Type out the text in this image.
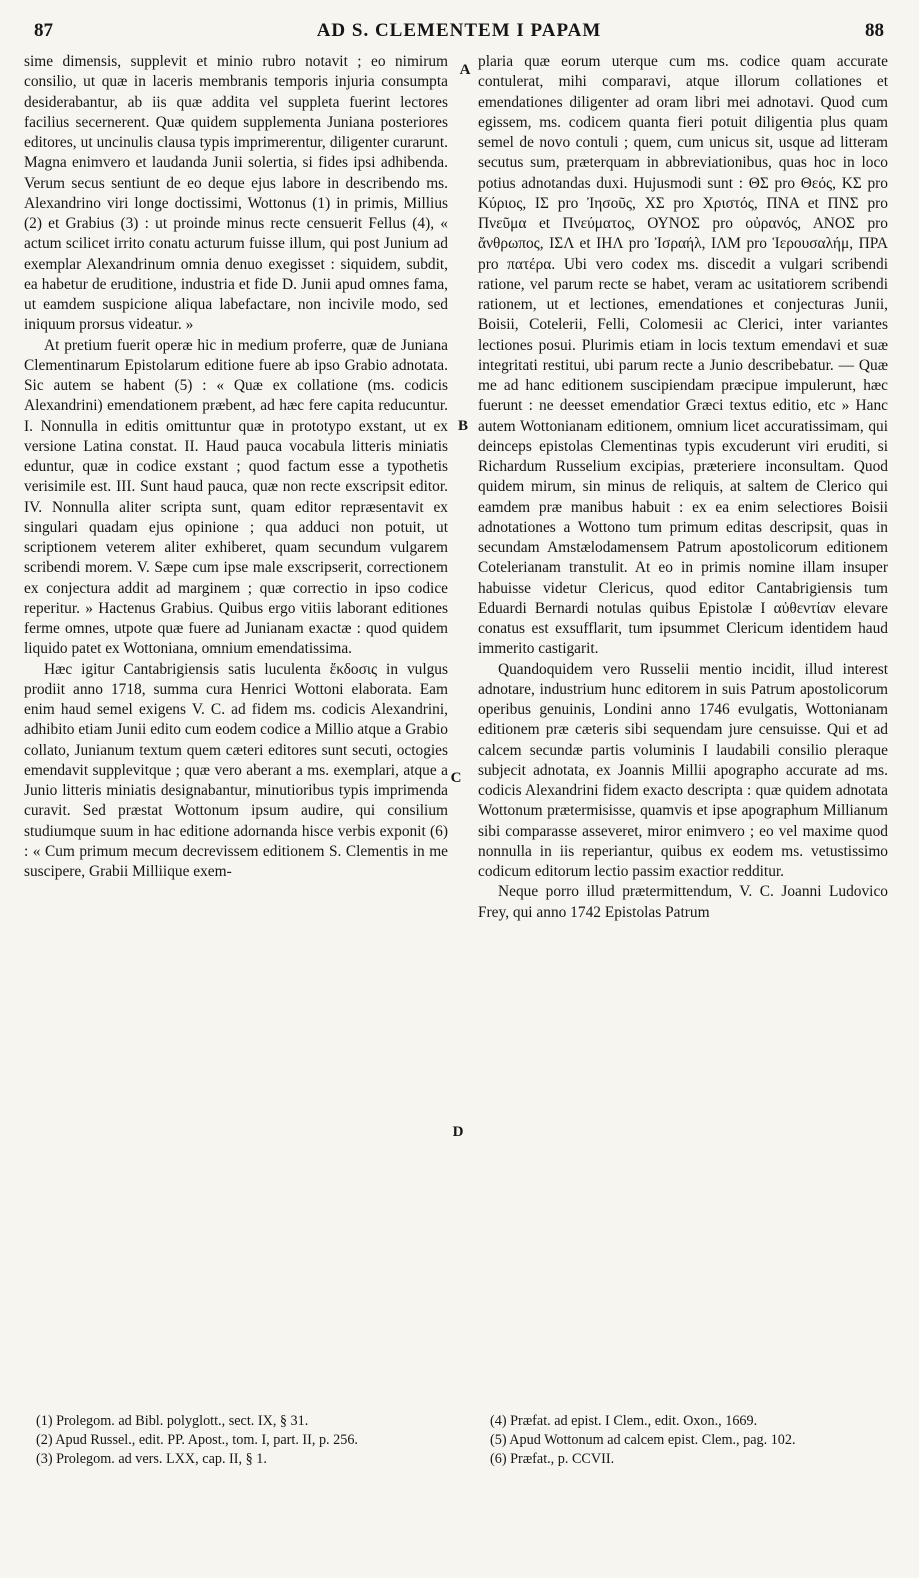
87	AD S. CLEMENTEM I PAPAM	88

sime dimensis, supplevit et minio rubro notavit ; eo nimirum consilio, ut quæ in laceris membranis temporis injuria consumpta desiderabantur, ab iis quæ addita vel suppleta fuerint lectores facilius secernerent. Quæ quidem supplementa Juniana posteriores editores, ut uncinulis clausa typis imprimerentur, diligenter curarunt. Magna enimvero et laudanda Junii solertia, si fides ipsi adhibenda. Verum secus sentiunt de eo deque ejus labore in describendo ms. Alexandrino viri longe doctissimi, Wottonus (1) in primis, Millius (2) et Grabius (3) : ut proinde minus recte censuerit Fellus (4), « actum scilicet irrito conatu acturum fuisse illum, qui post Junium ad exemplar Alexandrinum omnia denuo exegisset : siquidem, subdit, ea habetur de eruditione, industria et fide D. Junii apud omnes fama, ut eamdem suspicione aliqua labefactare, non incivile modo, sed iniquum prorsus videatur. »

At pretium fuerit operæ hic in medium proferre, quæ de Juniana Clementinarum Epistolarum editione fuere ab ipso Grabio adnotata. Sic autem se habent (5) : « Quæ ex collatione (ms. codicis Alexandrini) emendationem præbent, ad hæc fere capita reducuntur. I. Nonnulla in editis omittuntur quæ in prototypo exstant, ut ex versione Latina constat. II. Haud pauca vocabula litteris miniatis eduntur, quæ in codice exstant ; quod factum esse a typothetis verisimile est. III. Sunt haud pauca, quæ non recte exscripsit editor. IV. Nonnulla aliter scripta sunt, quam editor repræsentavit ex singulari quadam ejus opinione ; qua adduci non potuit, ut scriptionem veterem aliter exhiberet, quam secundum vulgarem scribendi morem. V. Sæpe cum ipse male exscripserit, correctionem ex conjectura addit ad marginem ; quæ correctio in ipso codice reperitur. » Hactenus Grabius. Quibus ergo vitiis laborant editiones ferme omnes, utpote quæ fuere ad Junianam exactæ : quod quidem liquido patet ex Wottoniana, omnium emendatissima.

Hæc igitur Cantabrigiensis satis luculenta ἔκδοσις in vulgus prodiit anno 1718, summa cura Henrici Wottoni elaborata. Eam enim haud semel exigens V. C. ad fidem ms. codicis Alexandrini, adhibito etiam Junii edito cum eodem codice a Millio atque a Grabio collato, Junianum textum quem cæteri editores sunt secuti, octogies emendavit supplevitque ; quæ vero aberant a ms. exemplari, atque a Junio litteris miniatis designabantur, minutioribus typis imprimenda curavit. Sed præstat Wottonum ipsum audire, qui consilium studiumque suum in hac editione adornanda hisce verbis exponit (6) : « Cum primum mecum decrevissem editionem S. Clementis in me suscipere, Grabii Milliique exem-

plaria quæ eorum uterque cum ms. codice quam accurate contulerat, mihi comparavi, atque illorum collationes et emendationes diligenter ad oram libri mei adnotavi. Quod cum egissem, ms. codicem quanta fieri potuit diligentia plus quam semel de novo contuli ; quem, cum unicus sit, usque ad litteram secutus sum, præterquam in abbreviationibus, quas hoc in loco potius adnotandas duxi. Hujusmodi sunt : ΘΣ pro Θεός, ΚΣ pro Κύριος, ΙΣ pro Ἰησοῦς, ΧΣ pro Χριστός, ΠΝΑ et ΠΝΣ pro Πνεῦμα et Πνεύματος, ΟΥΝΟΣ pro οὐρανός, ΑΝΟΣ pro ἄνθρωπος, ΙΣΛ et ΙΗΛ pro Ἰσραήλ, ΙΛΜ pro Ἱερουσαλήμ, ΠΡΑ pro πατέρα. Ubi vero codex ms. discedit a vulgari scribendi ratione, vel parum recte se habet, veram ac usitatiorem scribendi rationem, ut et lectiones, emendationes et conjecturas Junii, Boisii, Cotelerii, Felli, Colomesii ac Clerici, inter variantes lectiones posui. Plurimis etiam in locis textum emendavi et suæ integritati restitui, ubi parum recte a Junio describebatur. — Quæ me ad hanc editionem suscipiendam præcipue impulerunt, hæc fuerunt : ne deesset emendatior Græci textus editio, etc » Hanc autem Wottonianam editionem, omnium licet accuratissimam, qui deinceps epistolas Clementinas typis excuderunt viri eruditi, si Richardum Russelium excipias, præteriere inconsultam. Quod quidem mirum, sin minus de reliquis, at saltem de Clerico qui eamdem præ manibus habuit : ex ea enim selectiores Boisii adnotationes a Wottono tum primum editas descripsit, quas in secundam Amstælodamensem Patrum apostolicorum editionem Cotelerianam transtulit. At eo in primis nomine illam insuper habuisse videtur Clericus, quod editor Cantabrigiensis tum Eduardi Bernardi notulas quibus Epistolæ I αὐθεντίαν elevare conatus est exsufflarit, tum ipsummet Clericum identidem haud immerito castigarit.

Quandoquidem vero Russelii mentio incidit, illud interest adnotare, industrium hunc editorem in suis Patrum apostolicorum operibus genuinis, Londini anno 1746 evulgatis, Wottonianam editionem præ cæteris sibi sequendam jure censuisse. Qui et ad calcem secundæ partis voluminis I laudabili consilio pleraque subjecit adnotata, ex Joannis Millii apographo accurate ad ms. codicis Alexandrini fidem exacto descripta : quæ quidem adnotata Wottonum prætermisisse, quamvis et ipse apographum Millianum sibi comparasse asseveret, miror enimvero ; eo vel maxime quod nonnulla in iis reperiantur, quibus ex eodem ms. vetustissimo codicum editorum lectio passim exactior redditur.

Neque porro illud prætermittendum, V. C. Joanni Ludovico Frey, qui anno 1742 Epistolas Patrum

A
B
C
D
(1) Prolegom. ad Bibl. polyglott., sect. IX, § 31.
(2) Apud Russel., edit. PP. Apost., tom. I, part. II, p. 256.
(3) Prolegom. ad vers. LXX, cap. II, § 1.
(4) Præfat. ad epist. I Clem., edit. Oxon., 1669.
(5) Apud Wottonum ad calcem epist. Clem., pag. 102.
(6) Præfat., p. CCVII.
